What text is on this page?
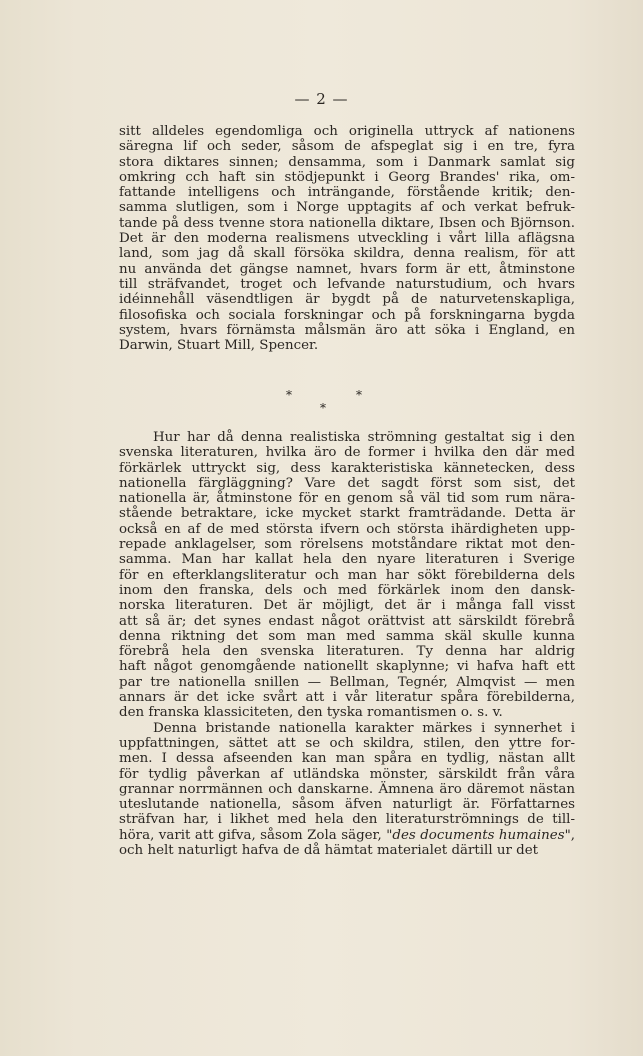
— 2 —
sitt alldeles egendomliga och originella uttryck af nationens
säregna lif och seder, såsom de afspeglat sig i en tre, fyra
stora diktares sinnen; densamma, som i Danmark samlat sig
omkring cch haft sin stödjepunkt i Georg Brandes' rika, om-
fattande intelligens och inträngande, förstående kritik; den-
samma slutligen, som i Norge upptagits af och verkat befruk-
tande på dess tvenne stora nationella diktare, Ibsen och Björnson.
Det är den moderna realismens utveckling i vårt lilla aflägsna
land, som jag då skall försöka skildra, denna realism, för att
nu använda det gängse namnet, hvars form är ett, åtminstone
till sträfvandet, troget och lefvande naturstudium, och hvars
idéinnehåll väsendtligen är bygdt på de naturvetenskapliga,
filosofiska och sociala forskningar och på forskningarna bygda
system, hvars förnämsta målsmän äro att söka i England, en
Darwin, Stuart Mill, Spencer.
*	*
*
Hur har då denna realistiska strömning gestaltat sig i den
svenska literaturen, hvilka äro de former i hvilka den där med
förkärlek uttryckt sig, dess karakteristiska kännetecken, dess
nationella färgläggning? Vare det sagdt först som sist, det
nationella är, åtminstone för en genom så väl tid som rum nära-
stående betraktare, icke mycket starkt framträdande. Detta är
också en af de med största ifvern och största ihärdigheten upp-
repade anklagelser, som rörelsens motståndare riktat mot den-
samma. Man har kallat hela den nyare literaturen i Sverige
för en efterklangsliteratur och man har sökt förebilderna dels
inom den franska, dels och med förkärlek inom den dansk-
norska literaturen. Det är möjligt, det är i många fall visst
att så är; det synes endast något orättvist att särskildt förebrå
denna riktning det som man med samma skäl skulle kunna
förebrå hela den svenska literaturen. Ty denna har aldrig
haft något genomgående nationellt skaplynne; vi hafva haft ett
par tre nationella snillen — Bellman, Tegnér, Almqvist — men
annars är det icke svårt att i vår literatur spåra förebilderna,
den franska klassiciteten, den tyska romantismen o. s. v.
Denna bristande nationella karakter märkes i synnerhet i
uppfattningen, sättet att se och skildra, stilen, den yttre for-
men. I dessa afseenden kan man spåra en tydlig, nästan allt
för tydlig påverkan af utländska mönster, särskildt från våra
grannar norrmännen och danskarne. Ämnena äro däremot nästan
uteslutande nationella, såsom äfven naturligt är. Författarnes
sträfvan har, i likhet med hela den literaturströmnings de till-
höra, varit att gifva, såsom Zola säger, "des documents humaines",
och helt naturligt hafva de då hämtat materialet därtill ur det
